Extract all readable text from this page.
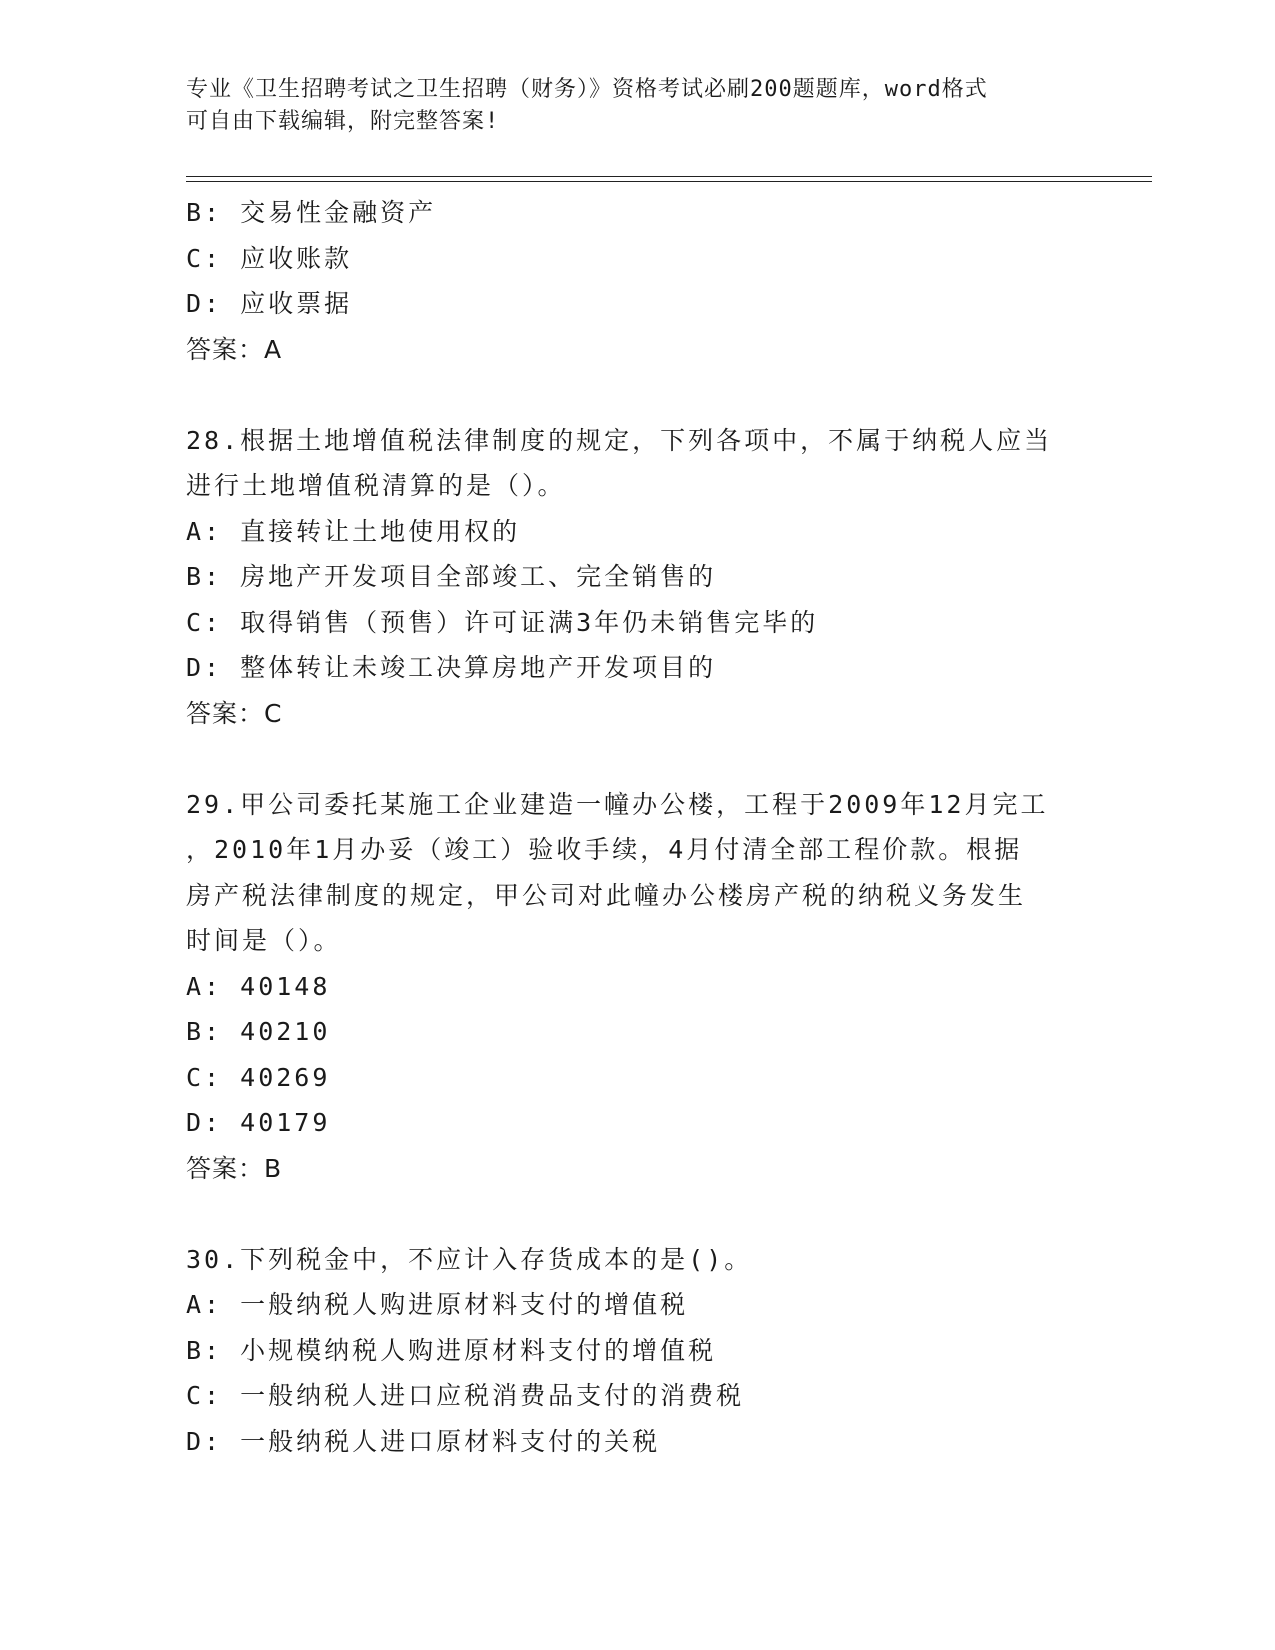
专业《卫生招聘考试之卫生招聘（财务）》资格考试必刷200题题库，word格式
可自由下载编辑，附完整答案!
B: 交易性金融资产
C: 应收账款
D: 应收票据
答案：A
28.根据土地增值税法律制度的规定，下列各项中，不属于纳税人应当
进行土地增值税清算的是（）。
A: 直接转让土地使用权的
B: 房地产开发项目全部竣工、完全销售的
C: 取得销售（预售）许可证满3年仍未销售完毕的
D: 整体转让未竣工决算房地产开发项目的
答案：C
29.甲公司委托某施工企业建造一幢办公楼，工程于2009年12月完工
，2010年1月办妥（竣工）验收手续，4月付清全部工程价款。根据
房产税法律制度的规定，甲公司对此幢办公楼房产税的纳税义务发生
时间是（）。
A: 40148
B: 40210
C: 40269
D: 40179
答案：B
30.下列税金中，不应计入存货成本的是()。
A: 一般纳税人购进原材料支付的增值税
B: 小规模纳税人购进原材料支付的增值税
C: 一般纳税人进口应税消费品支付的消费税
D: 一般纳税人进口原材料支付的关税
